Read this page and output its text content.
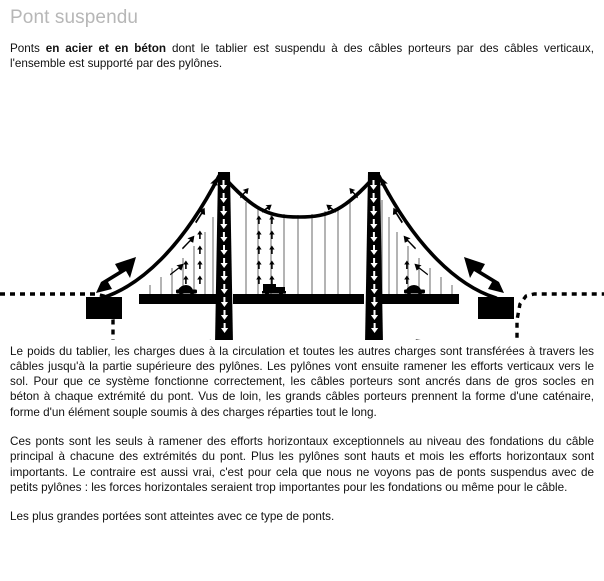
Pont suspendu

Ponts en acier et en béton dont le tablier est suspendu à des câbles porteurs par des câbles verticaux, l'ensemble est supporté par des pylônes.

Le poids du tablier, les charges dues à la circulation et toutes les autres charges sont transférées à travers les câbles jusqu'à la partie supérieure des pylônes. Les pylônes vont ensuite ramener les efforts verticaux vers le sol. Pour que ce système fonctionne correctement, les câbles porteurs sont ancrés dans de gros socles en béton à chaque extrémité du pont. Vus de loin, les grands câbles porteurs prennent la forme d'une caténaire, forme d'un élément souple soumis à des charges réparties tout le long.

Ces ponts sont les seuls à ramener des efforts horizontaux exceptionnels au niveau des fondations du câble principal à chacune des extrémités du pont. Plus les pylônes sont hauts et mois les efforts horizontaux sont importants. Le contraire est aussi vrai, c'est pour cela que nous ne voyons pas de ponts suspendus avec de petits pylônes : les forces horizontales seraient trop importantes pour les fondations ou même pour le câble.

Les plus grandes portées sont atteintes avec ce type de ponts.
